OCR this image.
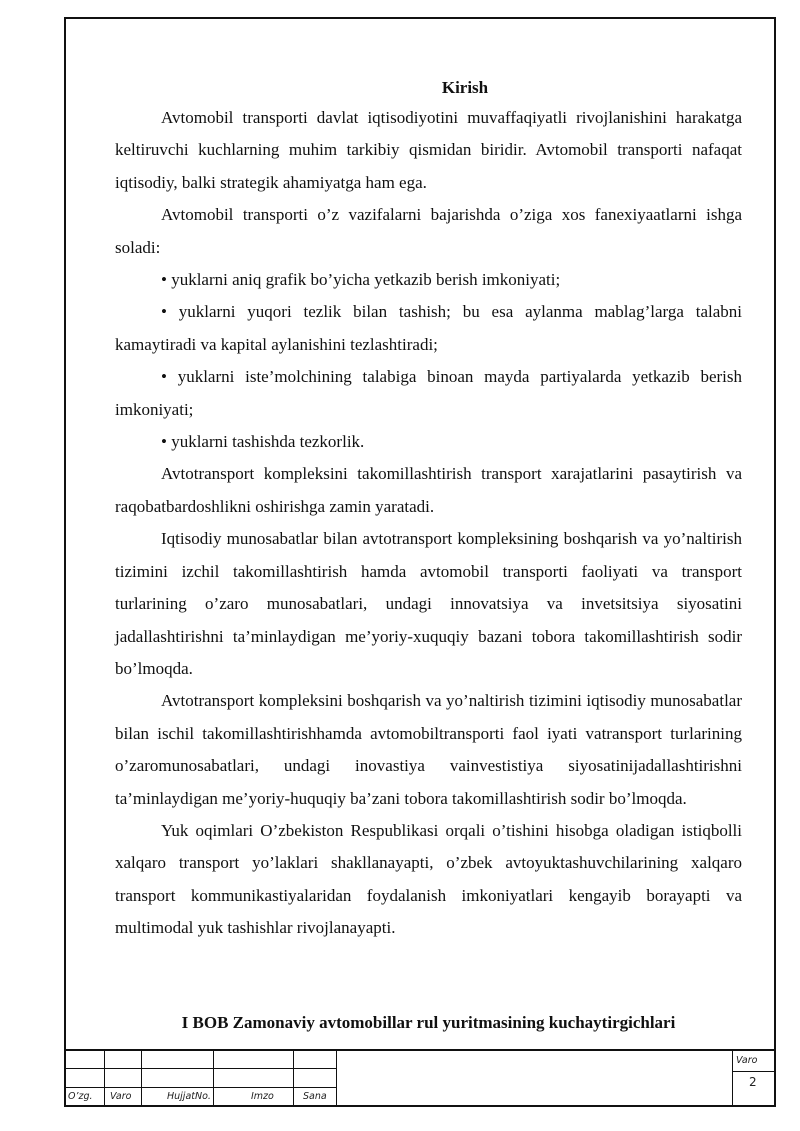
Kirish

Avtomobil transporti davlat iqtisodiyotini muvaffaqiyatli rivojlanishini harakatga keltiruvchi kuchlarning muhim tarkibiy qismidan biridir. Avtomobil transporti nafaqat iqtisodiy, balki strategik ahamiyatga ham ega.

Avtomobil transporti o’z vazifalarni bajarishda o’ziga xos fanexiyaatlarni ishga soladi:

• yuklarni aniq grafik bo’yicha yetkazib berish imkoniyati;

• yuklarni yuqori tezlik bilan tashish; bu esa aylanma mablag’larga talabni kamaytiradi va kapital aylanishini tezlashtiradi;

• yuklarni iste’molchining talabiga binoan mayda partiyalarda yetkazib berish imkoniyati;

• yuklarni tashishda tezkorlik.

Avtotransport kompleksini takomillashtirish transport xarajatlarini pasaytirish va raqobatbardoshlikni oshirishga zamin yaratadi.

Iqtisodiy munosabatlar bilan avtotransport kompleksining boshqarish va yo’naltirish tizimini izchil takomillashtirish hamda avtomobil transporti faoliyati va transport turlarining o’zaro munosabatlari, undagi innovatsiya va invetsitsiya siyosatini jadallashtirishni ta’minlaydigan me’yoriy-xuquqiy bazani tobora takomillashtirish sodir bo’lmoqda.

Avtotransport kompleksini boshqarish va yo’naltirish tizimini iqtisodiy munosabatlar bilan ischil takomillashtirishhamda avtomobiltransporti faol iyati vatransport turlarining o’zaromunosabatlari, undagi inovastiya vainvestistiya siyosatinijadallashtirishni ta’minlaydigan me’yoriy-huquqiy ba’zani tobora takomillashtirish sodir bo’lmoqda.

Yuk oqimlari O’zbekiston Respublikasi orqali o’tishini hisobga oladigan istiqbolli xalqaro transport yo’laklari shakllanayapti, o’zbek avtoyuktashuvchilarining xalqaro transport kommunikastiyalaridan foydalanish imkoniyatlari kengayib borayapti va multimodal yuk tashishlar rivojlanayapti.

I BOB Zamonaviy avtomobillar rul yuritmasining kuchaytirgichlari
O’zg. Varo	HujjatNo.	Imzo	Sana
Varo
2
